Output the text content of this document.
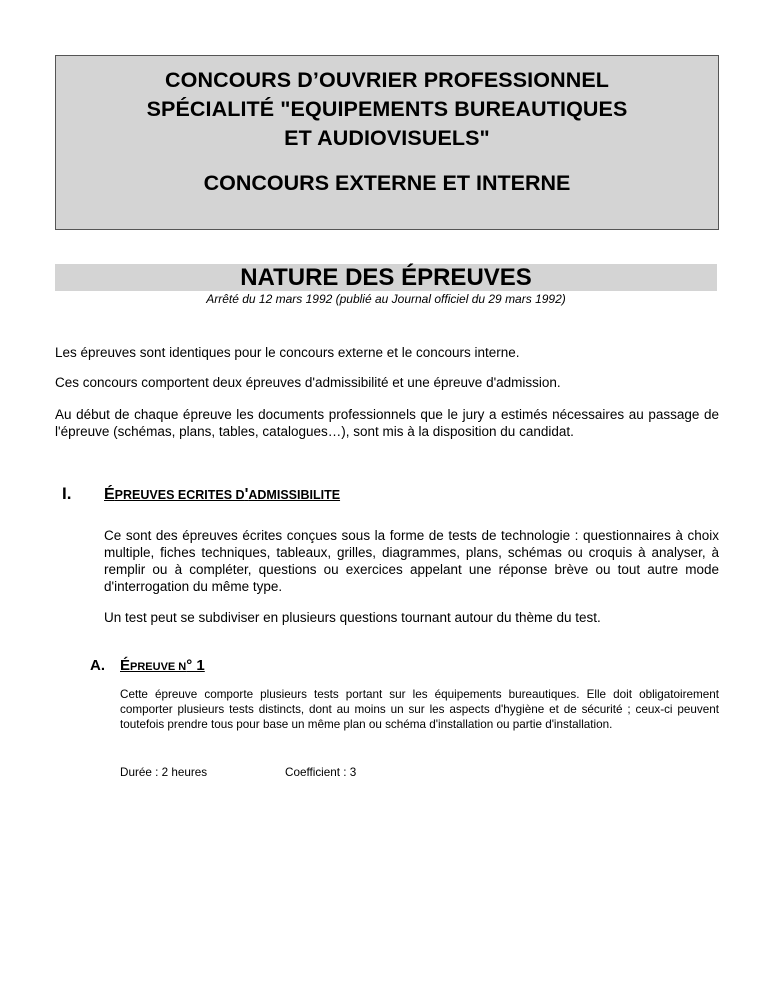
CONCOURS D’OUVRIER PROFESSIONNEL
SPÉCIALITÉ "EQUIPEMENTS BUREAUTIQUES
ET AUDIOVISUELS"
CONCOURS EXTERNE ET INTERNE
NATURE DES ÉPREUVES
Arrêté du 12 mars 1992 (publié au Journal officiel du 29 mars 1992)
Les épreuves sont identiques pour le concours externe et le concours interne.
Ces concours comportent deux épreuves d'admissibilité et une épreuve d'admission.
Au début de chaque épreuve les documents professionnels que le jury a estimés nécessaires au passage de l'épreuve (schémas, plans, tables, catalogues…), sont mis à la disposition du candidat.
I. ÉPREUVES ECRITES D'ADMISSIBILITE
Ce sont des épreuves écrites conçues sous la forme de tests de technologie : questionnaires à choix multiple, fiches techniques, tableaux, grilles, diagrammes, plans, schémas ou croquis à analyser, à remplir ou à compléter, questions ou exercices appelant une réponse brève ou tout autre mode d'interrogation du même type.
Un test peut se subdiviser en plusieurs questions tournant autour du thème du test.
A. ÉPREUVE N° 1
Cette épreuve comporte plusieurs tests portant sur les équipements bureautiques. Elle doit obligatoirement comporter plusieurs tests distincts, dont au moins un sur les aspects d'hygiène et de sécurité ; ceux-ci peuvent toutefois prendre tous pour base un même plan ou schéma d'installation ou partie d'installation.
Durée : 2 heures	Coefficient : 3
